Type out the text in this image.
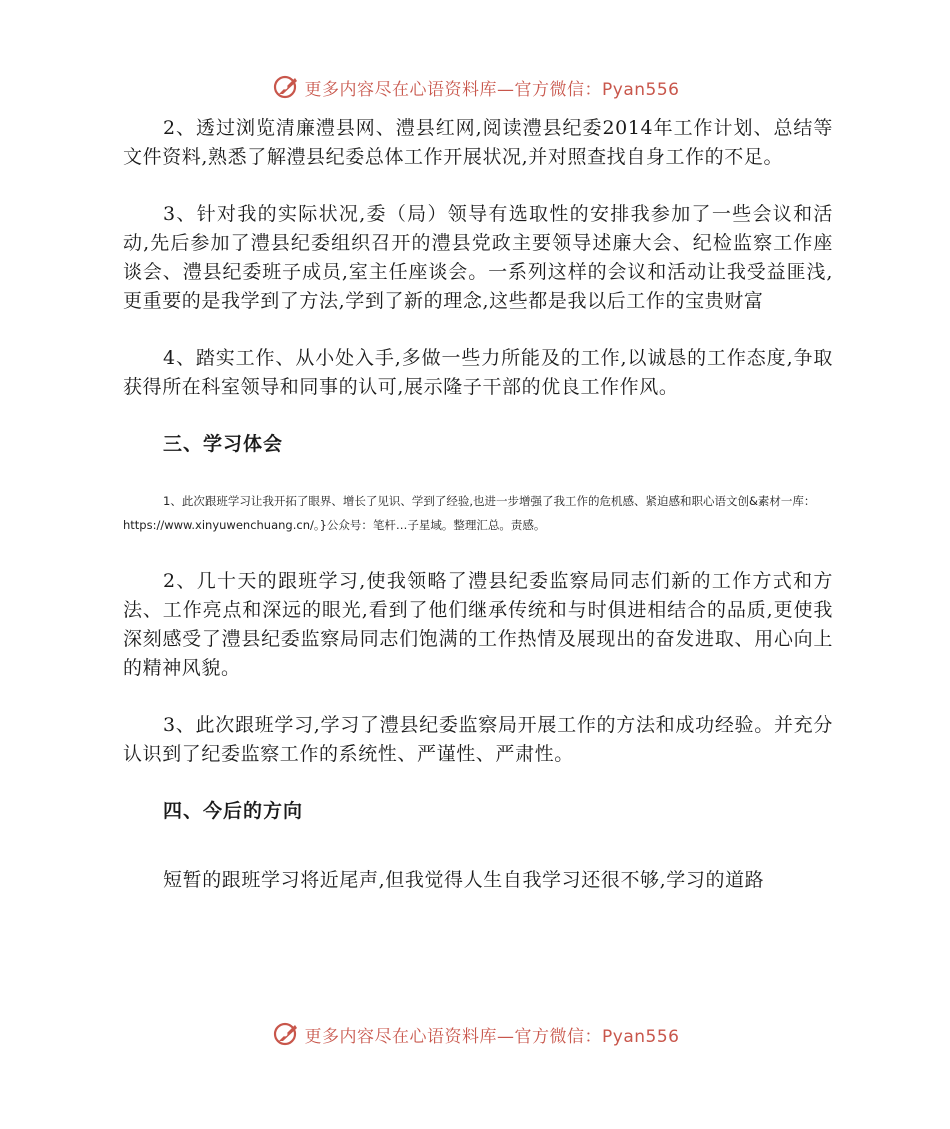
更多内容尽在心语资料库—官方微信：Pyan556

2、透过浏览清廉澧县网、澧县红网,阅读澧县纪委2014年工作计划、总结等文件资料,熟悉了解澧县纪委总体工作开展状况,并对照查找自身工作的不足。

3、针对我的实际状况,委（局）领导有选取性的安排我参加了一些会议和活动,先后参加了澧县纪委组织召开的澧县党政主要领导述廉大会、纪检监察工作座谈会、澧县纪委班子成员,室主任座谈会。一系列这样的会议和活动让我受益匪浅,更重要的是我学到了方法,学到了新的理念,这些都是我以后工作的宝贵财富

4、踏实工作、从小处入手,多做一些力所能及的工作,以诚恳的工作态度,争取获得所在科室领导和同事的认可,展示隆子干部的优良工作作风。

三、学习体会

1、此次跟班学习让我开拓了眼界、增长了见识、学到了经验,也进一步增强了我工作的危机感、紧迫感和职心语文创&素材一库：https://www.xinyuwenchuang.cn/。}公众号：笔杆…子星域。整理汇总。责感。

2、几十天的跟班学习,使我领略了澧县纪委监察局同志们新的工作方式和方法、工作亮点和深远的眼光,看到了他们继承传统和与时俱进相结合的品质,更使我深刻感受了澧县纪委监察局同志们饱满的工作热情及展现出的奋发进取、用心向上的精神风貌。

3、此次跟班学习,学习了澧县纪委监察局开展工作的方法和成功经验。并充分认识到了纪委监察工作的系统性、严谨性、严肃性。

四、今后的方向

短暂的跟班学习将近尾声,但我觉得人生自我学习还很不够,学习的道路

更多内容尽在心语资料库—官方微信：Pyan556
